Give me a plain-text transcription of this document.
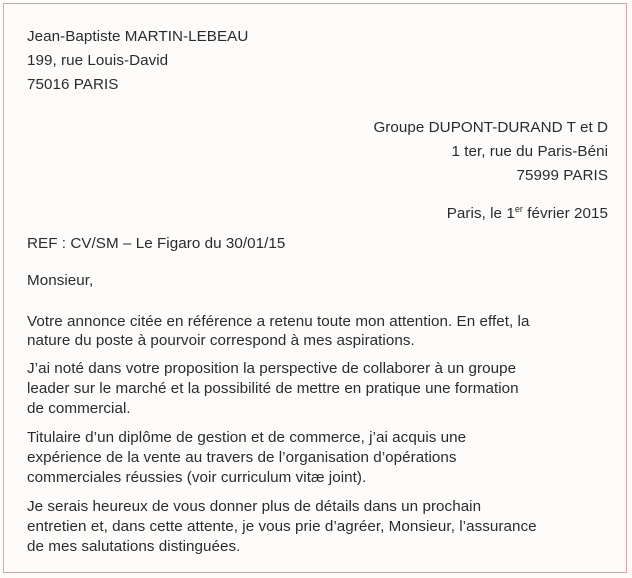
Jean-Baptiste MARTIN-LEBEAU
199, rue Louis-David
75016 PARIS
Groupe DUPONT-DURAND T et D
1 ter, rue du Paris-Béni
75999 PARIS
Paris, le 1er février 2015
REF : CV/SM – Le Figaro du 30/01/15
Monsieur,
Votre annonce citée en référence a retenu toute mon attention. En effet, la
nature du poste à pourvoir correspond à mes aspirations.
J’ai noté dans votre proposition la perspective de collaborer à un groupe
leader sur le marché et la possibilité de mettre en pratique une formation
de commercial.
Titulaire d’un diplôme de gestion et de commerce, j’ai acquis une
expérience de la vente au travers de l’organisation d’opérations
commerciales réussies (voir curriculum vitæ joint).
Je serais heureux de vous donner plus de détails dans un prochain
entretien et, dans cette attente, je vous prie d’agréer, Monsieur, l’assurance
de mes salutations distinguées.
